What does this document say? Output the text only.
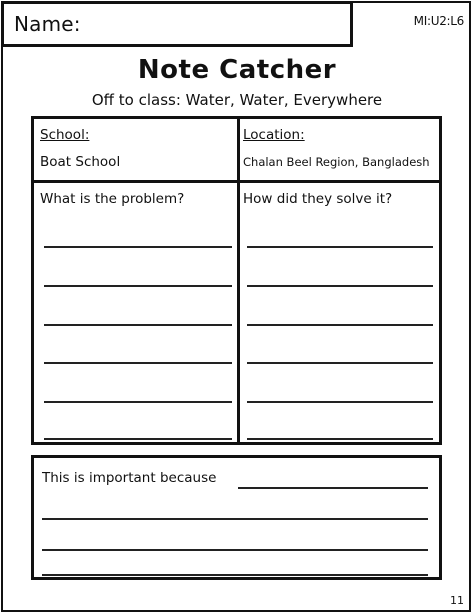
Name:	MI:U2:L6
Note Catcher
Off to class: Water, Water, Everywhere
School:
Boat School
Location:
Chalan Beel Region, Bangladesh
What is the problem?	How did they solve it?
This is important because
11
